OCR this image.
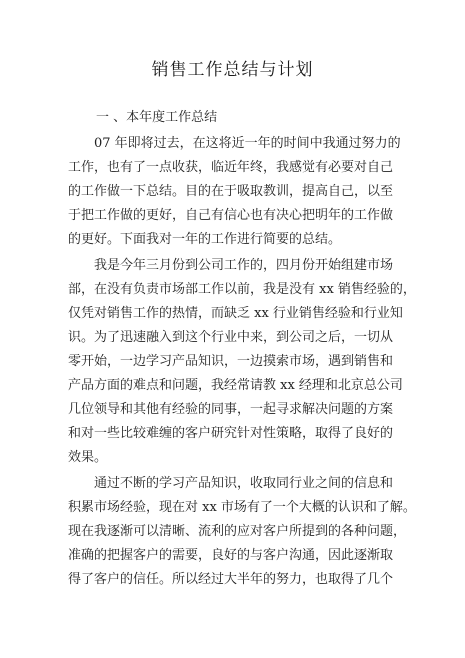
销售工作总结与计划
一 、本年度工作总结
07 年即将过去，在这将近一年的时间中我通过努力的
工作，也有了一点收获，临近年终，我感觉有必要对自己
的工作做一下总结。目的在于吸取教训，提高自己，以至
于把工作做的更好，自己有信心也有决心把明年的工作做
的更好。下面我对一年的工作进行简要的总结。
我是今年三月份到公司工作的，四月份开始组建市场
部，在没有负责市场部工作以前，我是没有 xx 销售经验的，
仅凭对销售工作的热情，而缺乏 xx 行业销售经验和行业知
识。为了迅速融入到这个行业中来，到公司之后，一切从
零开始，一边学习产品知识，一边摸索市场，遇到销售和
产品方面的难点和问题，我经常请教 xx 经理和北京总公司
几位领导和其他有经验的同事，一起寻求解决问题的方案
和对一些比较难缠的客户研究针对性策略，取得了良好的
效果。
通过不断的学习产品知识，收取同行业之间的信息和
积累市场经验，现在对 xx 市场有了一个大概的认识和了解。
现在我逐渐可以清晰、流利的应对客户所提到的各种问题，
准确的把握客户的需要，良好的与客户沟通，因此逐渐取
得了客户的信任。所以经过大半年的努力，也取得了几个
